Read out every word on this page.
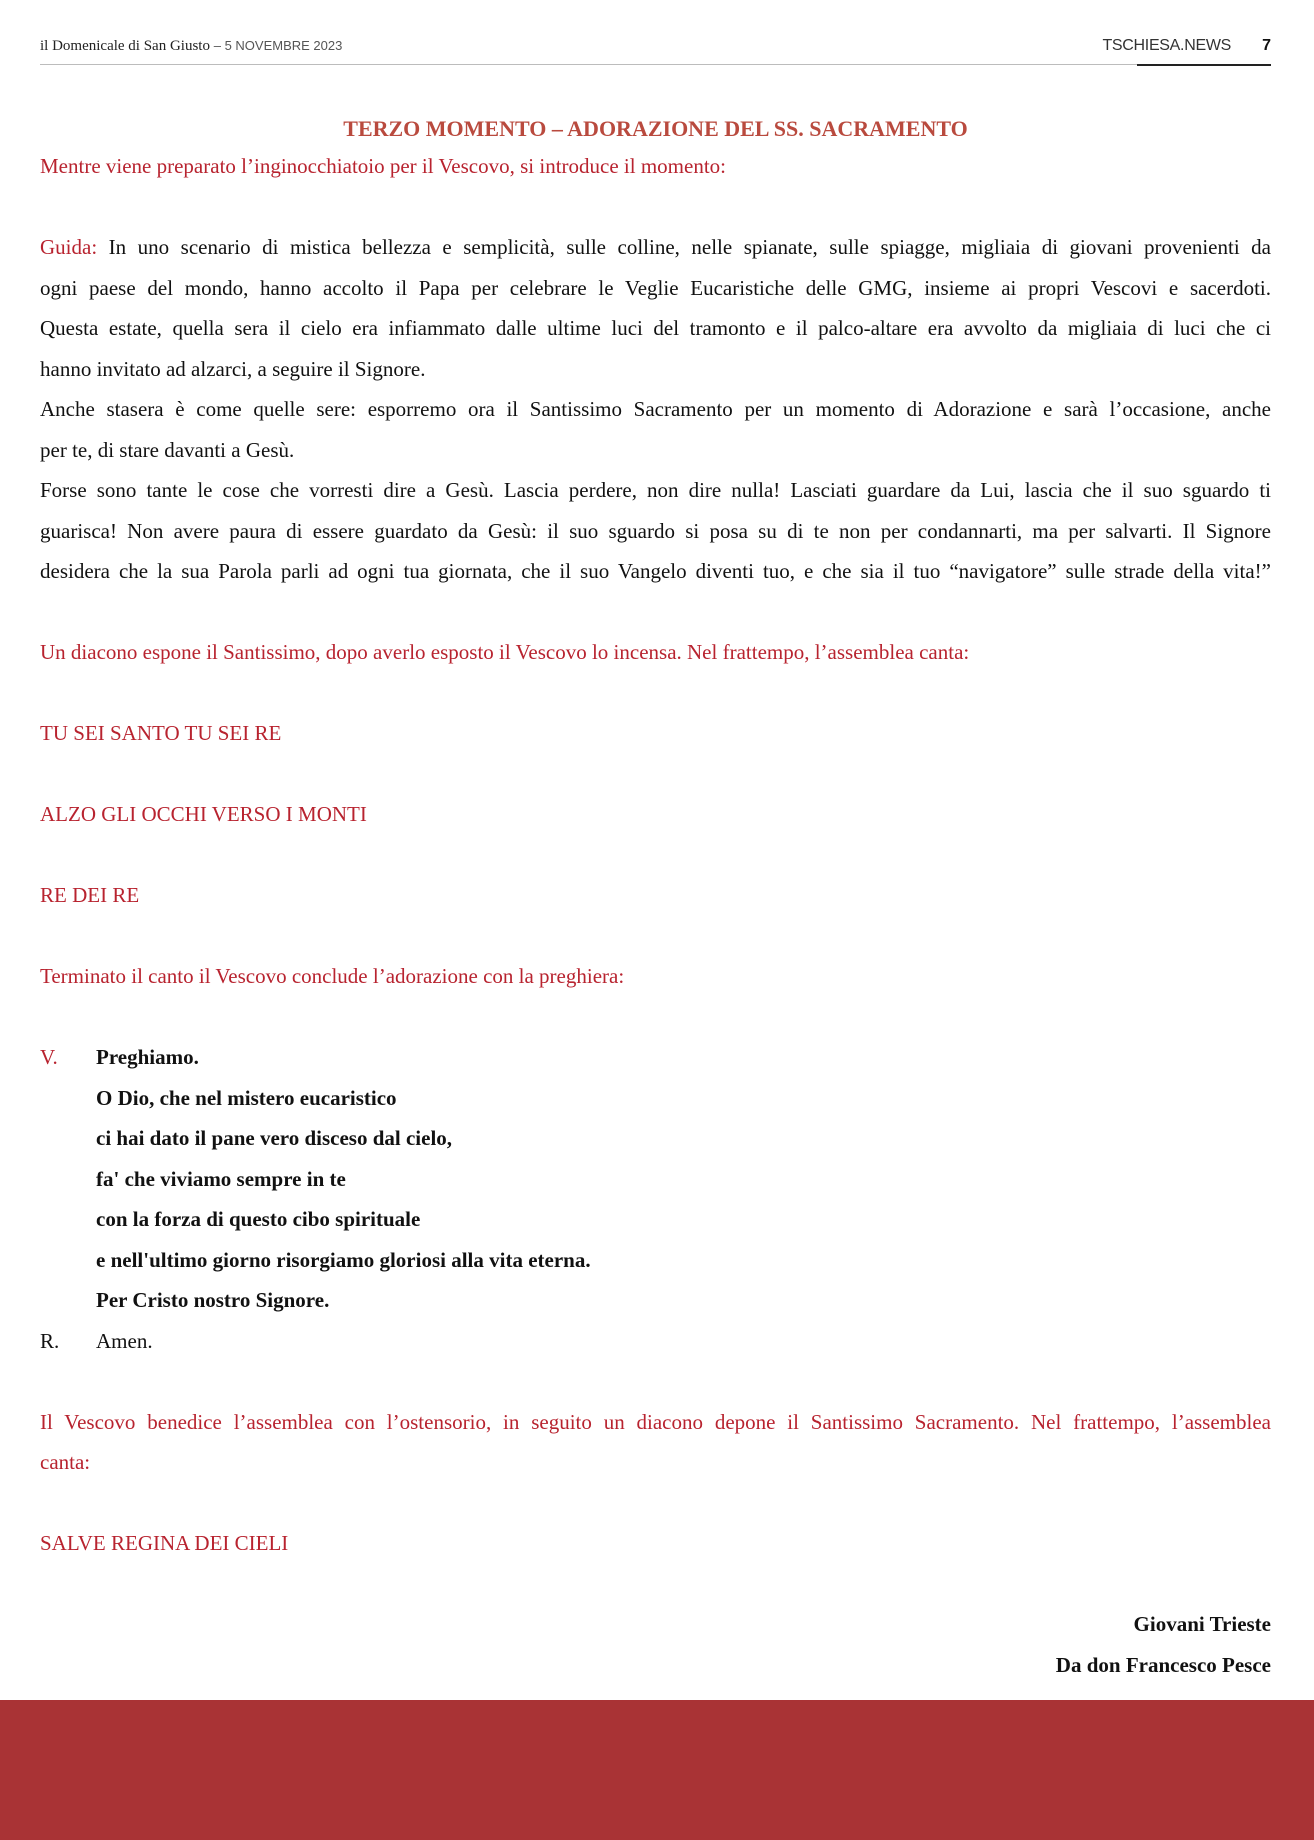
il Domenicale di San Giusto – 5 NOVEMBRE 2023	TSCHIESA.NEWS 7
TERZO MOMENTO – ADORAZIONE DEL SS. SACRAMENTO
Mentre viene preparato l’inginocchiatoio per il Vescovo, si introduce il momento:
Guida: In uno scenario di mistica bellezza e semplicità, sulle colline, nelle spianate, sulle spiagge, migliaia di giovani provenienti da
ogni paese del mondo, hanno accolto il Papa per celebrare le Veglie Eucaristiche delle GMG, insieme ai propri Vescovi e sacerdoti.
Questa estate, quella sera il cielo era infiammato dalle ultime luci del tramonto e il palco-altare era avvolto da migliaia di luci che ci
hanno invitato ad alzarci, a seguire il Signore.
Anche stasera è come quelle sere: esporremo ora il Santissimo Sacramento per un momento di Adorazione e sarà l’occasione, anche
per te, di stare davanti a Gesù.
Forse sono tante le cose che vorresti dire a Gesù. Lascia perdere, non dire nulla! Lasciati guardare da Lui, lascia che il suo sguardo ti
guarisca! Non avere paura di essere guardato da Gesù: il suo sguardo si posa su di te non per condannarti, ma per salvarti. Il Signore
desidera che la sua Parola parli ad ogni tua giornata, che il suo Vangelo diventi tuo, e che sia il tuo “navigatore” sulle strade della vita!”
Un diacono espone il Santissimo, dopo averlo esposto il Vescovo lo incensa. Nel frattempo, l’assemblea canta:
TU SEI SANTO TU SEI RE
ALZO GLI OCCHI VERSO I MONTI
RE DEI RE
Terminato il canto il Vescovo conclude l’adorazione con la preghiera:
V. Preghiamo.
O Dio, che nel mistero eucaristico
ci hai dato il pane vero disceso dal cielo,
fa' che viviamo sempre in te
con la forza di questo cibo spirituale
e nell'ultimo giorno risorgiamo gloriosi alla vita eterna.
Per Cristo nostro Signore.
R. Amen.
Il Vescovo benedice l’assemblea con l’ostensorio, in seguito un diacono depone il Santissimo Sacramento. Nel frattempo, l’assemblea
canta:
SALVE REGINA DEI CIELI
Giovani Trieste
Da don Francesco Pesce
